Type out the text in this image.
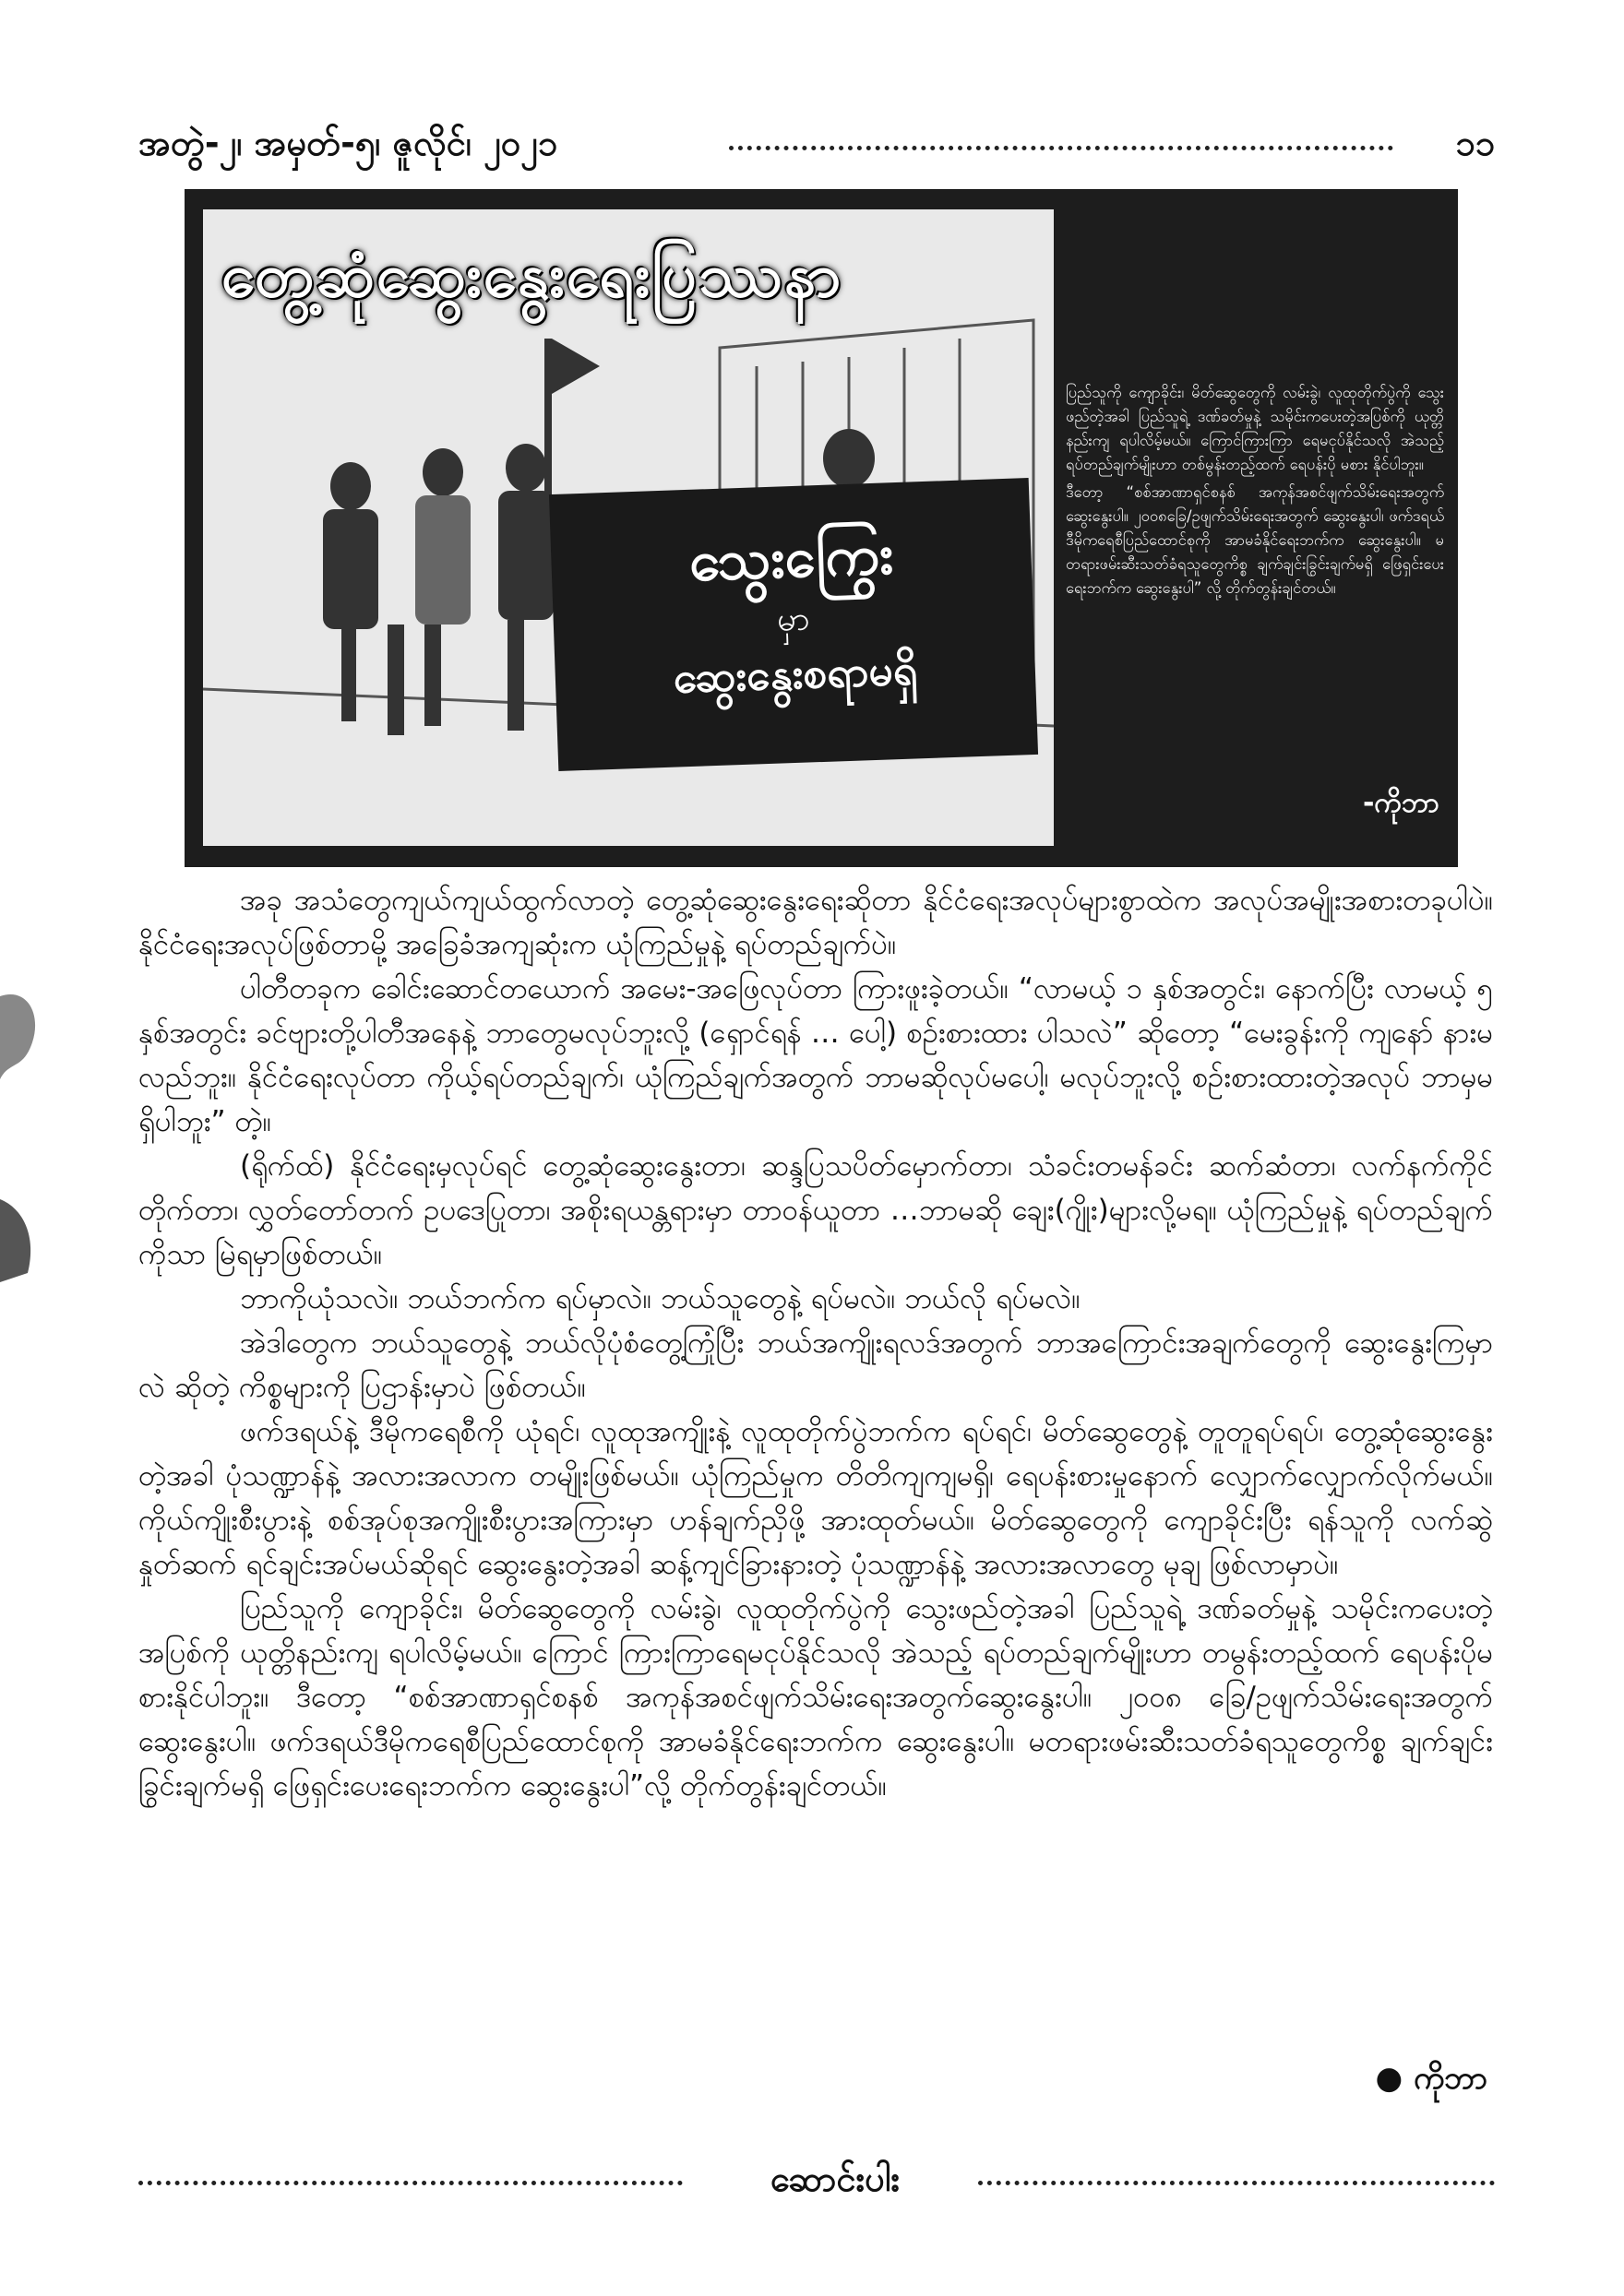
အတွဲ-၂၊ အမှတ်-၅၊ ဇူလိုင်၊ ၂၀၂၁	၁၁
တွေ့ဆုံဆွေးနွေးရေးပြဿနာ
သွေးကြွေး
မှာ
ဆွေးနွေးစရာမရှိ

ပြည်သူကို ကျောခိုင်း၊ မိတ်ဆွေတွေကို လမ်းခွဲ၊ လူထုတိုက်ပွဲကို သွေးဖည်တဲ့အခါ ပြည်သူရဲ့ ဒဏ်ခတ်မှုနဲ့ သမိုင်းကပေးတဲ့အပြစ်ကို ယုတ္တိနည်းကျ ရပါလိမ့်မယ်။ ကြောင်ကြားကြာ ရေမငုပ်နိုင်သလို အဲသည့် ရပ်တည်ချက်မျိုးဟာ တစ်မွန်းတည့်ထက် ရေပန်းပို မစား နိုင်ပါဘူး။

ဒီတော့ “စစ်အာဏာရှင်စနစ် အကုန်အစင်ဖျက်သိမ်းရေးအတွက် ဆွေးနွေးပါ။ ၂၀၀၈ခြေ/ဥဖျက်သိမ်းရေးအတွက် ဆွေးနွေးပါ၊ ဖက်ဒရယ်ဒီမိုကရေစီပြည်ထောင်စုကို အာမခံနိုင်ရေးဘက်က ဆွေးနွေးပါ။ မတရားဖမ်းဆီးသတ်ခံရသူတွေကိစ္စ ချက်ချင်းခြွင်းချက်မရှိ ဖြေရှင်းပေးရေးဘက်က ဆွေးနွေးပါ” လို့ တိုက်တွန်းချင်တယ်။

-ကိုဘာ

အခု အသံတွေကျယ်ကျယ်ထွက်လာတဲ့ တွေ့ဆုံဆွေးနွေးရေးဆိုတာ နိုင်ငံရေးအလုပ်များစွာထဲက အလုပ်အမျိုးအစားတခုပါပဲ။ နိုင်ငံရေးအလုပ်ဖြစ်တာမို့ အခြေခံအကျဆုံးက ယုံကြည်မှုနဲ့ ရပ်တည်ချက်ပဲ။

ပါတီတခုက ခေါင်းဆောင်တယောက် အမေး-အဖြေလုပ်တာ ကြားဖူးခဲ့တယ်။ “လာမယ့် ၁ နှစ်အတွင်း၊ နောက်ပြီး လာမယ့် ၅ နှစ်အတွင်း ခင်ဗျားတို့ပါတီအနေနဲ့ ဘာတွေမလုပ်ဘူးလို့ (ရှောင်ရန် … ပေါ့) စဉ်းစားထား ပါသလဲ” ဆိုတော့ “မေးခွန်းကို ကျနော် နားမလည်ဘူး။ နိုင်ငံရေးလုပ်တာ ကိုယ့်ရပ်တည်ချက်၊ ယုံကြည်ချက်အတွက် ဘာမဆိုလုပ်မပေါ့၊ မလုပ်ဘူးလို့ စဉ်းစားထားတဲ့အလုပ် ဘာမှမရှိပါဘူး” တဲ့။

(ရိုက်ထ်) နိုင်ငံရေးမှလုပ်ရင် တွေ့ဆုံဆွေးနွေးတာ၊ ဆန္ဒပြသပိတ်မှောက်တာ၊ သံခင်းတမန်ခင်း ဆက်ဆံတာ၊ လက်နက်ကိုင် တိုက်တာ၊ လွှတ်တော်တက် ဥပဒေပြုတာ၊ အစိုးရယန္တရားမှာ တာဝန်ယူတာ …ဘာမဆို ချေး(ဂျိုး)များလို့မရ။ ယုံကြည်မှုနဲ့ ရပ်တည်ချက်ကိုသာ မြဲရမှာဖြစ်တယ်။

ဘာကိုယုံသလဲ။ ဘယ်ဘက်က ရပ်မှာလဲ။ ဘယ်သူတွေနဲ့ ရပ်မလဲ။ ဘယ်လို ရပ်မလဲ။

အဲဒါတွေက ဘယ်သူတွေနဲ့ ဘယ်လိုပုံစံတွေ့ကြုံပြီး ဘယ်အကျိုးရလဒ်အတွက် ဘာအကြောင်းအချက်တွေကို ဆွေးနွေးကြမှာလဲ ဆိုတဲ့ ကိစ္စများကို ပြဌာန်းမှာပဲ ဖြစ်တယ်။

ဖက်ဒရယ်နဲ့ ဒီမိုကရေစီကို ယုံရင်၊ လူထုအကျိုးနဲ့ လူထုတိုက်ပွဲဘက်က ရပ်ရင်၊ မိတ်ဆွေတွေနဲ့ တူတူရပ်ရပ်၊ တွေ့ဆုံဆွေးနွေးတဲ့အခါ ပုံသဏ္ဍာန်နဲ့ အလားအလာက တမျိုးဖြစ်မယ်။ ယုံကြည်မှုက တိတိကျကျမရှိ၊ ရေပန်းစားမှုနောက် လျှောက်လျှောက်လိုက်မယ်။ ကိုယ်ကျိုးစီးပွားနဲ့ စစ်အုပ်စုအကျိုးစီးပွားအကြားမှာ ဟန်ချက်ညှိဖို့ အားထုတ်မယ်။ မိတ်ဆွေတွေကို ကျောခိုင်းပြီး ရန်သူကို လက်ဆွဲနှုတ်ဆက် ရင်ချင်းအပ်မယ်ဆိုရင် ဆွေးနွေးတဲ့အခါ ဆန့်ကျင်ခြားနားတဲ့ ပုံသဏ္ဍာန်နဲ့ အလားအလာတွေ မုချ ဖြစ်လာမှာပဲ။

ပြည်သူကို ကျောခိုင်း၊ မိတ်ဆွေတွေကို လမ်းခွဲ၊ လူထုတိုက်ပွဲကို သွေးဖည်တဲ့အခါ ပြည်သူရဲ့ ဒဏ်ခတ်မှုနဲ့ သမိုင်းကပေးတဲ့အပြစ်ကို ယုတ္တိနည်းကျ ရပါလိမ့်မယ်။ ကြောင် ကြားကြာရေမငုပ်နိုင်သလို အဲသည့် ရပ်တည်ချက်မျိုးဟာ တမွန်းတည့်ထက် ရေပန်းပိုမစားနိုင်ပါဘူး။ ဒီတော့ “စစ်အာဏာရှင်စနစ် အကုန်အစင်ဖျက်သိမ်းရေးအတွက်ဆွေးနွေးပါ။ ၂၀၀၈ ခြေ/ဥဖျက်သိမ်းရေးအတွက် ဆွေးနွေးပါ။ ဖက်ဒရယ်ဒီမိုကရေစီပြည်ထောင်စုကို အာမခံနိုင်ရေးဘက်က ဆွေးနွေးပါ။ မတရားဖမ်းဆီးသတ်ခံရသူတွေကိစ္စ ချက်ချင်း ခြွင်းချက်မရှိ ဖြေရှင်းပေးရေးဘက်က ဆွေးနွေးပါ”လို့ တိုက်တွန်းချင်တယ်။

● ကိုဘာ
ဆောင်းပါး
